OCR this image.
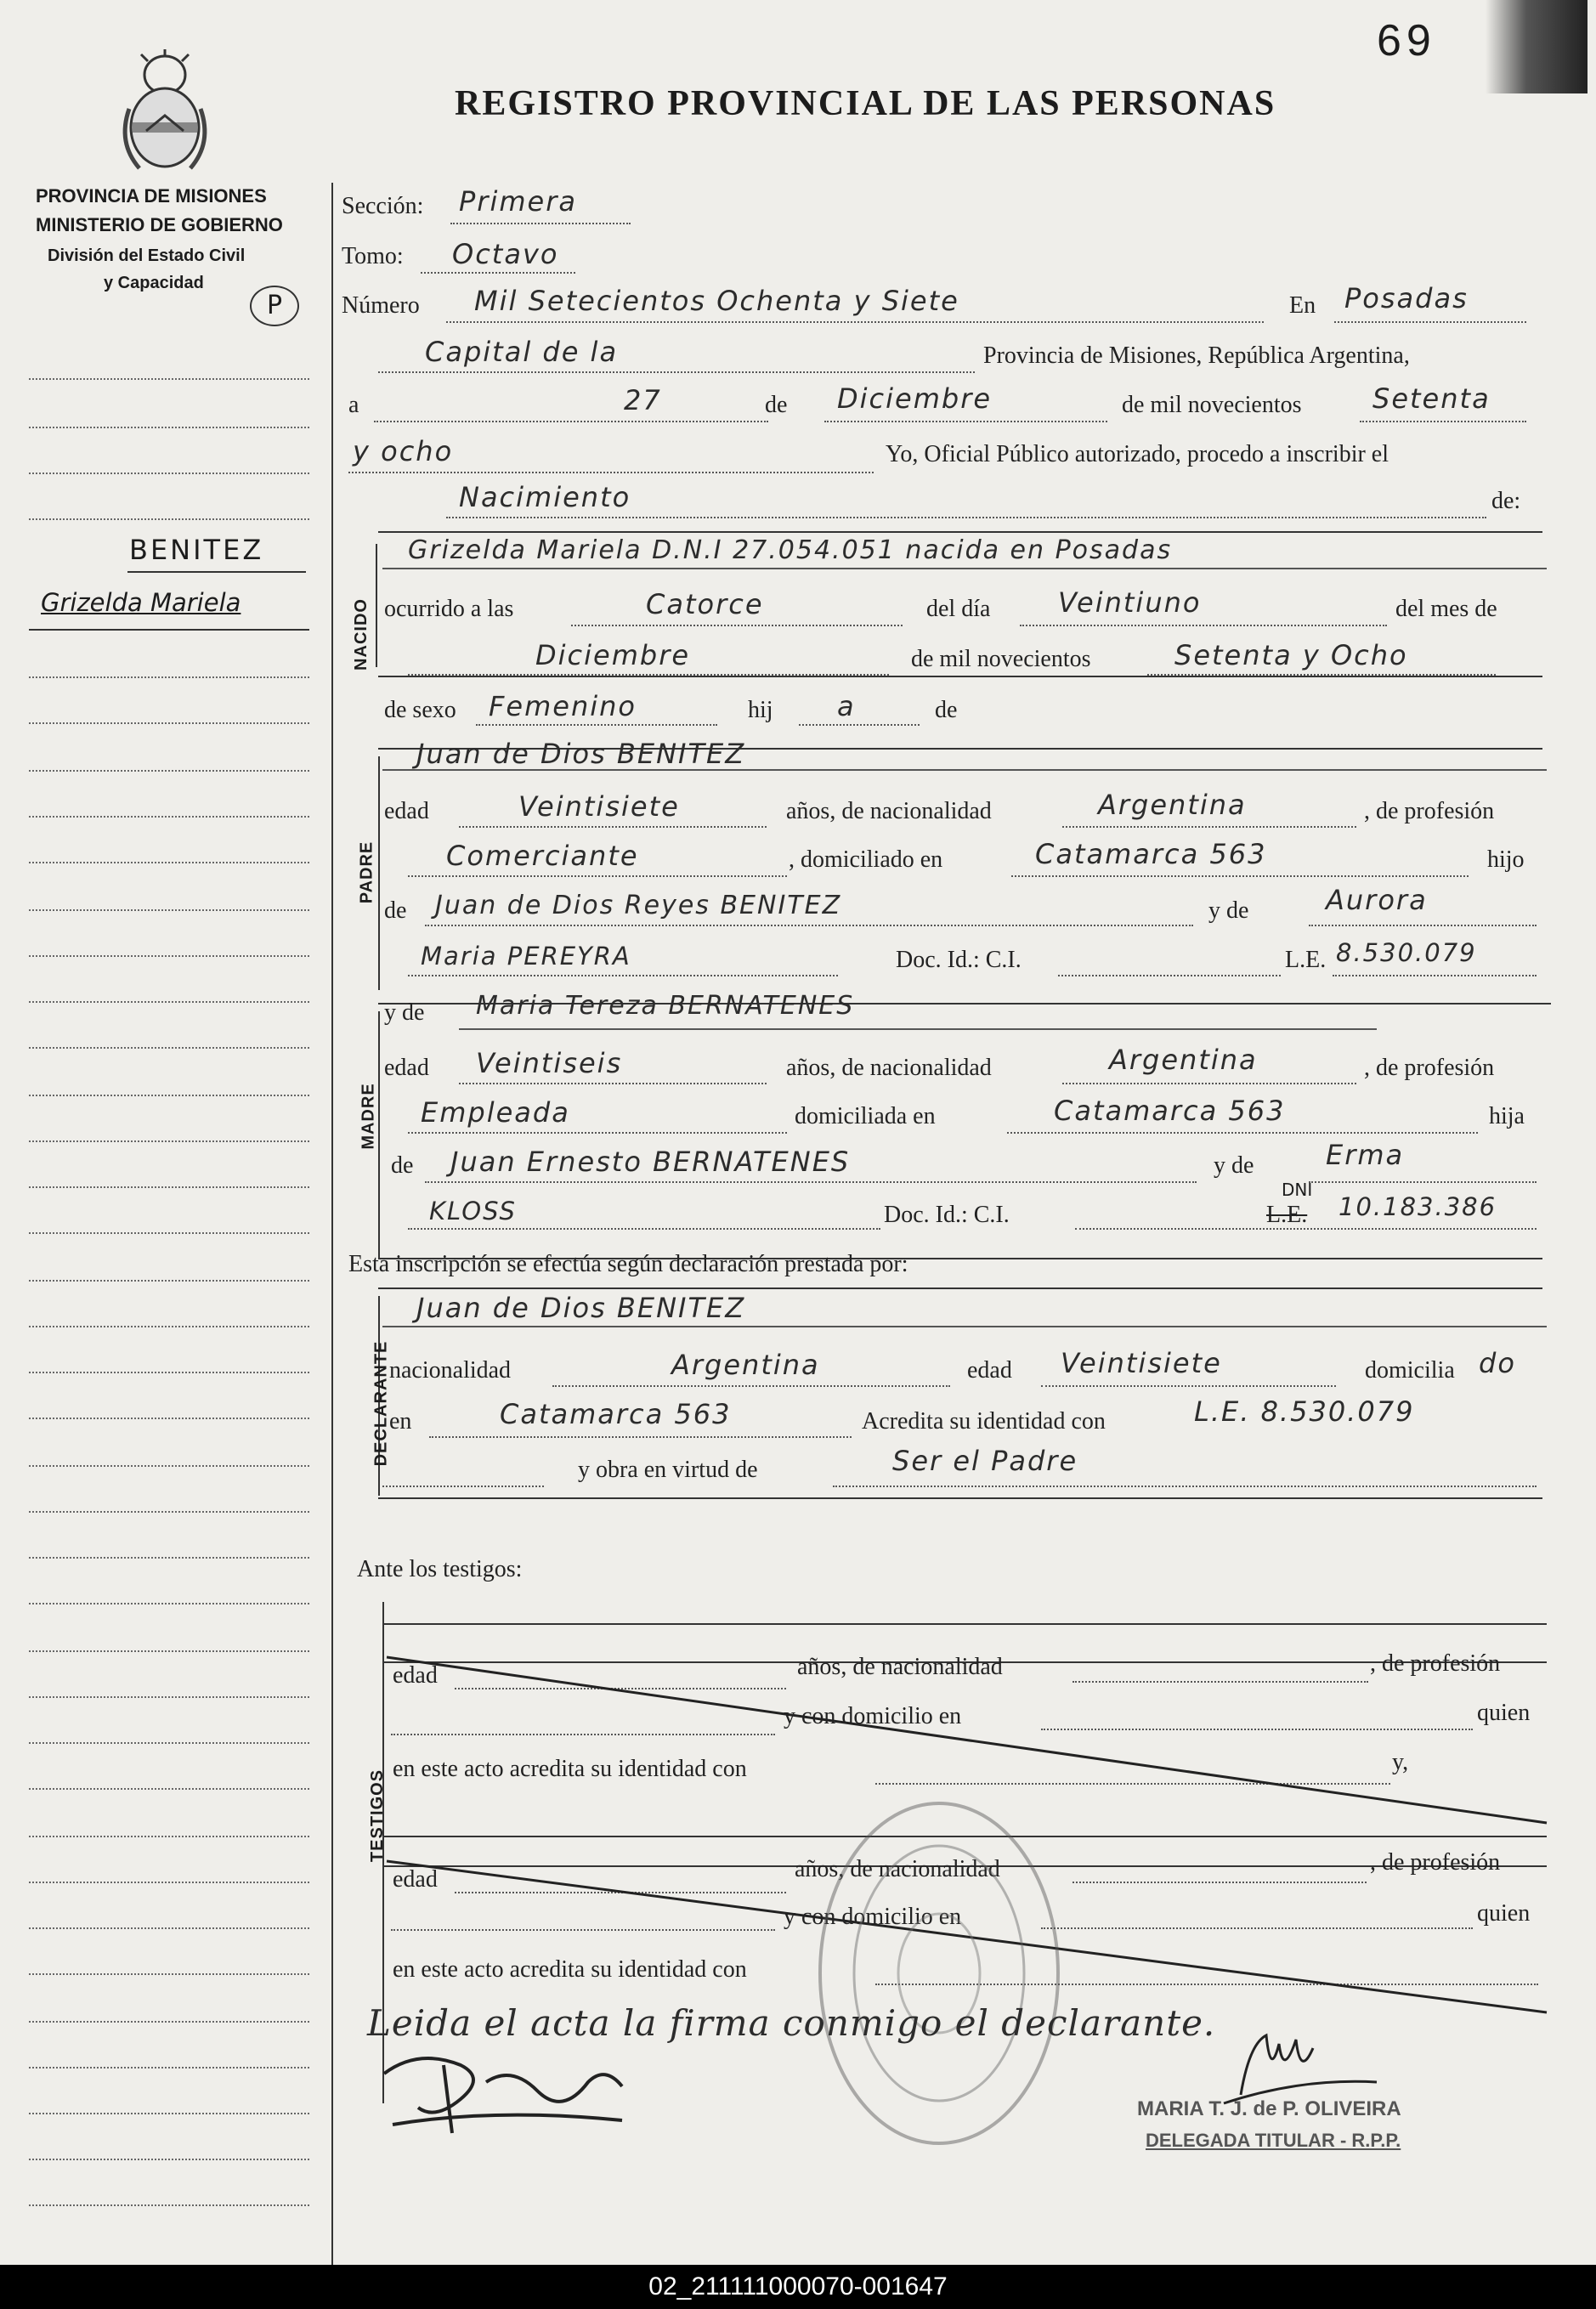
69
REGISTRO PROVINCIAL DE LAS PERSONAS
PROVINCIA DE MISIONES
MINISTERIO DE GOBIERNO
División del Estado Civil
y Capacidad
P
BENITEZ
Grizelda Mariela
Sección: Primera
Tomo: Octavo
Número Mil Setecientos Ochenta y Siete	En Posadas
Capital de la	Provincia de Misiones, República Argentina,
a	27	de Diciembre	de mil novecientos	Setenta
y ocho	Yo, Oficial Público autorizado, procedo a inscribir el
Nacimiento	de:
NACIDO
Grizelda Mariela D.N.I 27.054.051 nacida en Posadas
ocurrido a las	Catorce	del día Veintiuno	del mes de
Diciembre	de mil novecientos	Setenta y Ocho
de sexo Femenino	hij a	de
PADRE
Juan de Dios BENITEZ
edad	Veintisiete	años, de nacionalidad	Argentina	, de profesión
Comerciante	, domiciliado en	Catamarca 563	hijo
de Juan de Dios Reyes BENITEZ	y de	Aurora
Maria PEREYRA	Doc. Id.: C.I.	L.E. 8.530.079
MADRE
y de Maria Tereza BERNATENES
edad Veintiseis	años, de nacionalidad	Argentina	, de profesión
Empleada	domiciliada en	Catamarca 563	hija
de Juan Ernesto BERNATENES	y de	Erma
KLOSS	Doc. Id.: C.I.
DNI
L.E. 10.183.386
Esta inscripción se efectúa según declaración prestada por:
DECLARANTE
Juan de Dios BENITEZ
nacionalidad	Argentina	edad Veintisiete	domicilia do
en	Catamarca 563	Acredita su identidad con	L.E. 8.530.079
y obra en virtud de	Ser el Padre
Ante los testigos:
TESTIGOS
edad	años, de nacionalidad	, de profesión
y con domicilio en	quien
en este acto acredita su identidad con	y,
edad	años, de nacionalidad	, de profesión
y con domicilio en	quien
en este acto acredita su identidad con
Leida el acta la firma conmigo el declarante.
MARIA T. J. de P. OLIVEIRA
DELEGADA TITULAR - R.P.P.
02_211111000070-001647
